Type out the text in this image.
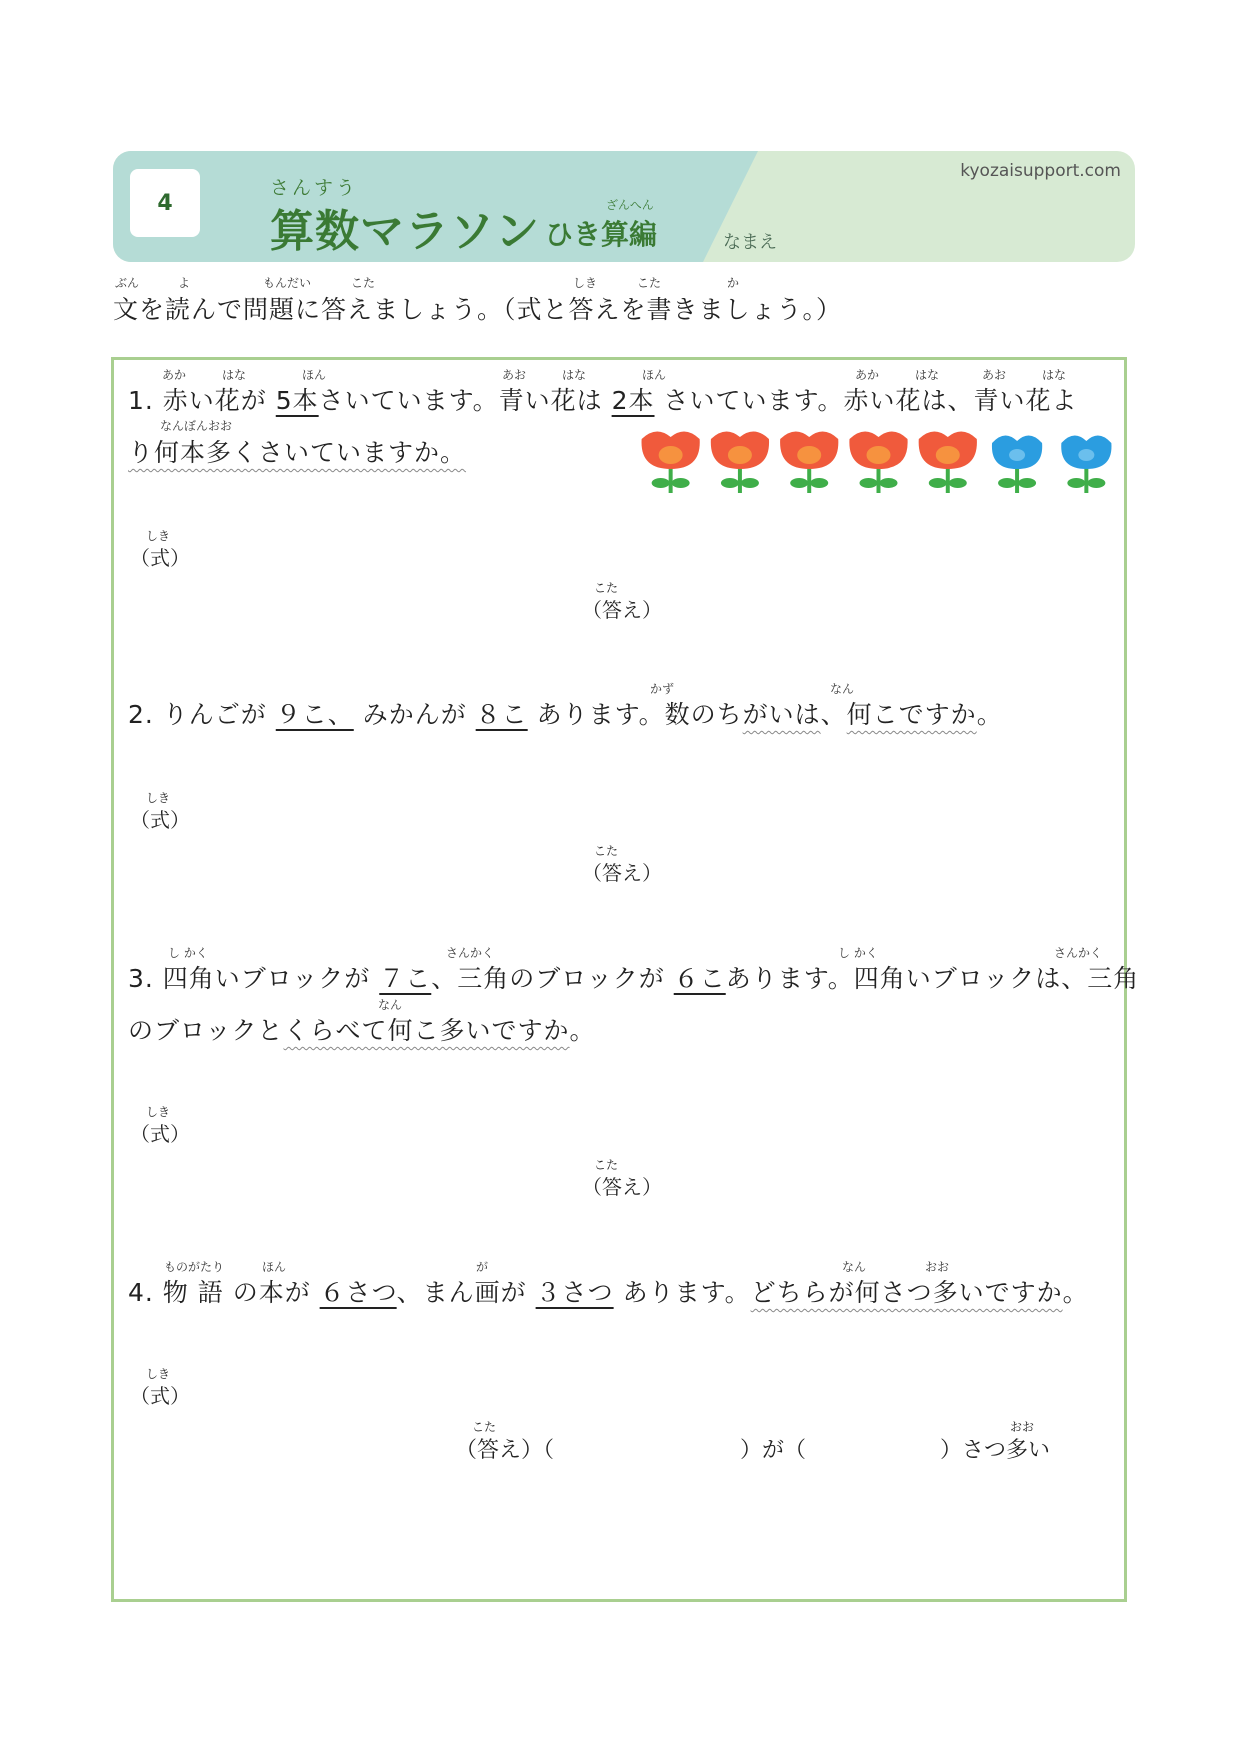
4
さんすう
算数マラソン
ざんへん
ひき算編
kyozaisupport.com
なまえ
ぶん	よ	もんだい	こた	しき	こた	か
文を読んで問題に答えましょう。（式と答えを書きましょう。）
あか	はな	ほん	あお	はな	ほん	あか	はな	あお	はな
1. 赤い花が 5本さいています。青い花は 2本 さいています。赤い花は、青い花よ
なんぼんおお
り何本多くさいていますか。
しき
（式）
こた
（答え）
かず	なん
2. りんごが ９こ、 みかんが ８こ あります。数のちがいは、何こですか。
しき
（式）
こた
（答え）
し かく	さんかく	し かく	さんかく
3. 四角いブロックが ７こ、三角のブロックが ６こあります。四角いブロックは、三角
なん
のブロックとくらべて何こ多いですか。
しき
（式）
こた
（答え）
ものがたり	ほん	が	なん	おお
4. 物 語 の本が ６さつ、まん画が ３さつ あります。どちらが何さつ多いですか。
しき
（式）
こた	おお
（答え）（	）が（	）さつ多い
